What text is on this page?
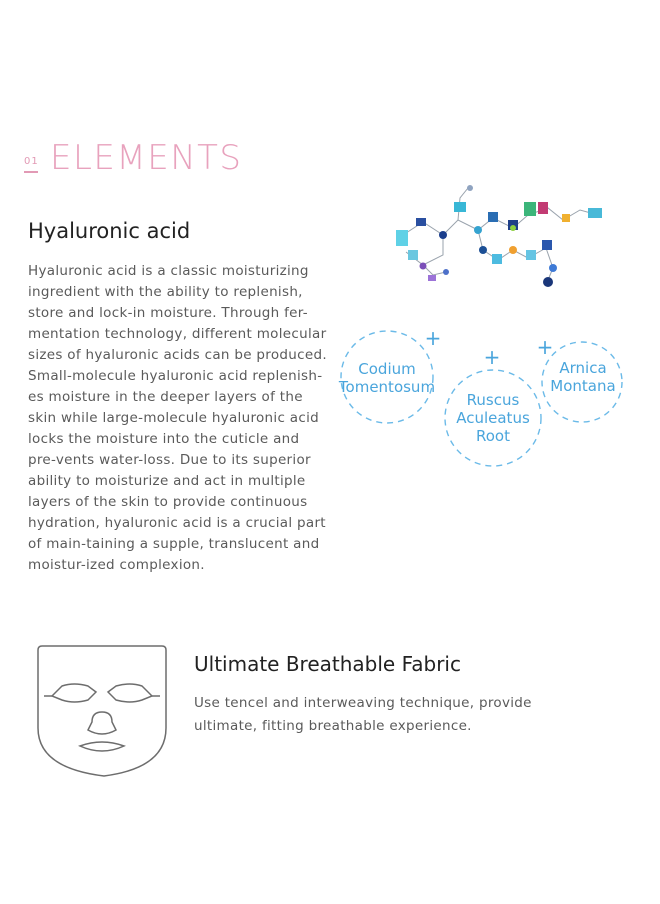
01 ELEMENTS
Hyaluronic acid
Hyaluronic acid is a classic moisturizing ingredient with the ability to replenish, store and lock-in moisture. Through fer-mentation technology, different molecular sizes of hyaluronic acids can be produced. Small-molecule hyaluronic acid replenish-es moisture in the deeper layers of the skin while large-molecule hyaluronic acid locks the moisture into the cuticle and pre-vents water-loss. Due to its superior ability to moisturize and act in multiple layers of the skin to provide continuous hydration, hyaluronic acid is a crucial part of main-taining a supple, translucent and moistur-ized complexion.
+
+ +
Codium
Tomentosum
Ruscus
Aculeatus
Root
Arnica
Montana
Ultimate Breathable Fabric
Use tencel and interweaving technique, provide ultimate, fitting breathable experience.
